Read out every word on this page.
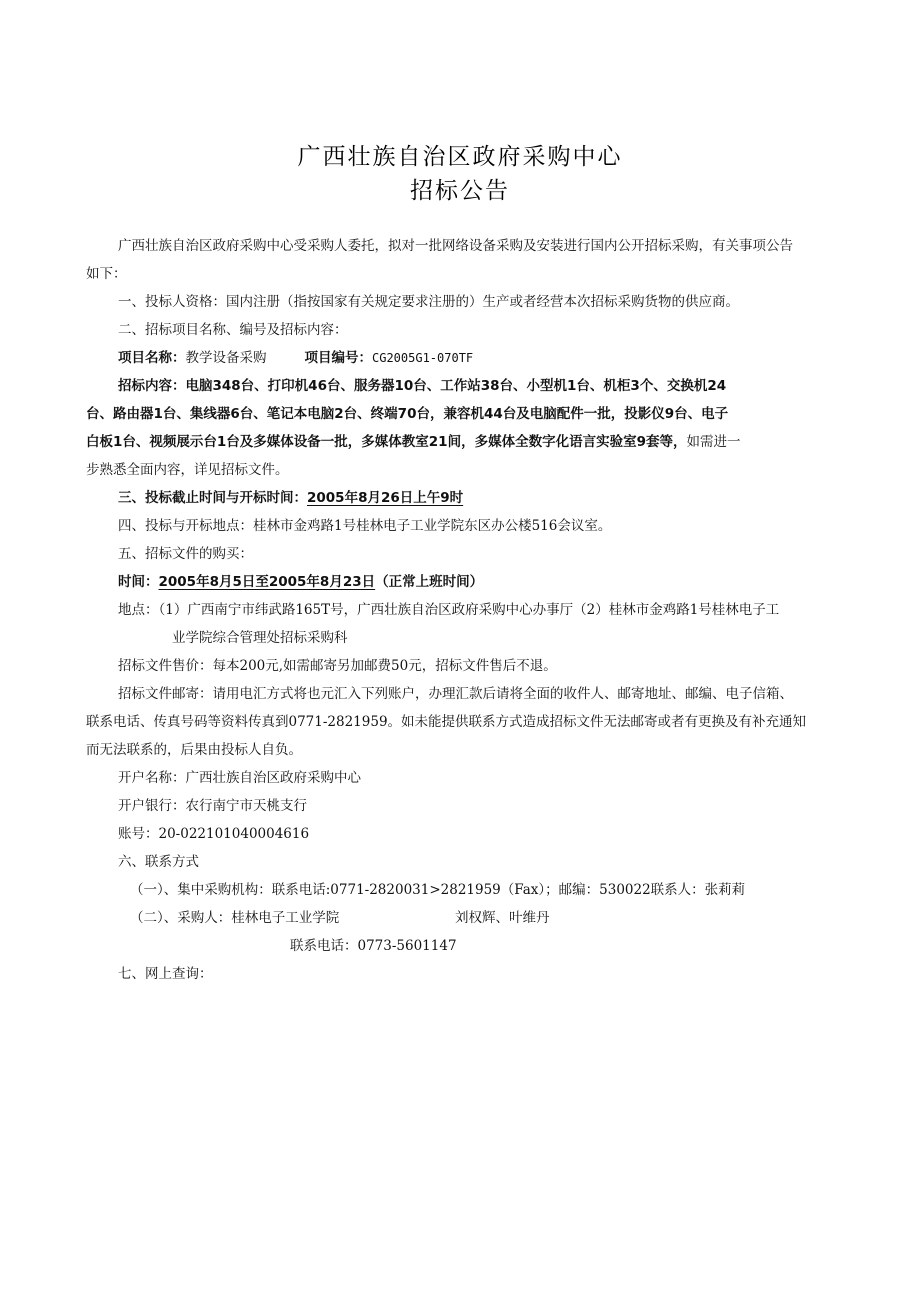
广西壮族自治区政府采购中心
招标公告
广西壮族自治区政府采购中心受采购人委托，拟对一批网络设备采购及安装进行国内公开招标采购，有关事项公告
如下：
一、投标人资格：国内注册（指按国家有关规定要求注册的）生产或者经营本次招标采购货物的供应商。
二、招标项目名称、编号及招标内容：
项目名称：教学设备采购	项目编号：CG2005G1-070TF
招标内容：电脑348台、打印机46台、服务器10台、工作站38台、小型机1台、机柜3个、交换机24
台、路由器1台、集线器6台、笔记本电脑2台、终端70台，兼容机44台及电脑配件一批，投影仪9台、电子
白板1台、视频展示台1台及多媒体设备一批，多媒体教室21间，多媒体全数字化语言实验室9套等，如需进一
步熟悉全面内容，详见招标文件。
三、投标截止时间与开标时间：2005年8月26日上午9时
四、投标与开标地点：桂林市金鸡路1号桂林电子工业学院东区办公楼516会议室。
五、招标文件的购买：
时间：2005年8月5日至2005年8月23日（正常上班时间）
地点：（1）广西南宁市纬武路165T号，广西壮族自治区政府采购中心办事厅（2）桂林市金鸡路1号桂林电子工
业学院综合管理处招标采购科
招标文件售价：每本200元,如需邮寄另加邮费50元，招标文件售后不退。
招标文件邮寄：请用电汇方式将也元汇入下列账户，办理汇款后请将全面的收件人、邮寄地址、邮编、电子信箱、
联系电话、传真号码等资料传真到0771-2821959。如未能提供联系方式造成招标文件无法邮寄或者有更换及有补充通知
而无法联系的，后果由投标人自负。
开户名称：广西壮族自治区政府采购中心
开户银行：农行南宁市天桃支行
账号：20-022101040004616
六、联系方式
（一）、集中采购机构：联系电话:0771-2820031>2821959（Fax）；邮编：530022联系人：张莉莉
（二）、采购人：桂林电子工业学院	刘权辉、叶维丹
联系电话：0773-5601147
七、网上查询：
